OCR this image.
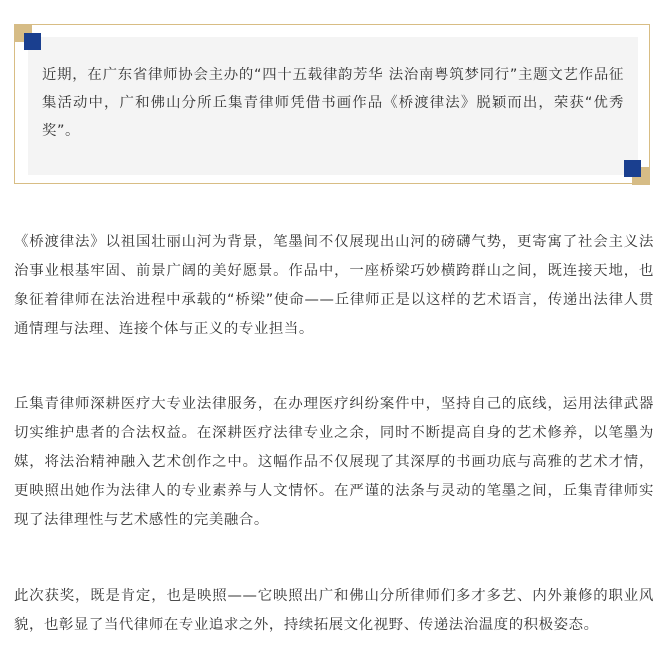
近期，在广东省律师协会主办的“四十五载律韵芳华 法治南粤筑梦同行”主题文艺作品征集活动中，广和佛山分所丘集青律师凭借书画作品《桥渡律法》脱颖而出，荣获“优秀奖”。

《桥渡律法》以祖国壮丽山河为背景，笔墨间不仅展现出山河的磅礴气势，更寄寓了社会主义法治事业根基牢固、前景广阔的美好愿景。作品中，一座桥梁巧妙横跨群山之间，既连接天地，也象征着律师在法治进程中承载的“桥梁”使命——丘律师正是以这样的艺术语言，传递出法律人贯通情理与法理、连接个体与正义的专业担当。

丘集青律师深耕医疗大专业法律服务，在办理医疗纠纷案件中，坚持自己的底线，运用法律武器切实维护患者的合法权益。在深耕医疗法律专业之余，同时不断提高自身的艺术修养，以笔墨为媒，将法治精神融入艺术创作之中。这幅作品不仅展现了其深厚的书画功底与高雅的艺术才情，更映照出她作为法律人的专业素养与人文情怀。在严谨的法条与灵动的笔墨之间，丘集青律师实现了法律理性与艺术感性的完美融合。

此次获奖，既是肯定，也是映照——它映照出广和佛山分所律师们多才多艺、内外兼修的职业风貌，也彰显了当代律师在专业追求之外，持续拓展文化视野、传递法治温度的积极姿态。
